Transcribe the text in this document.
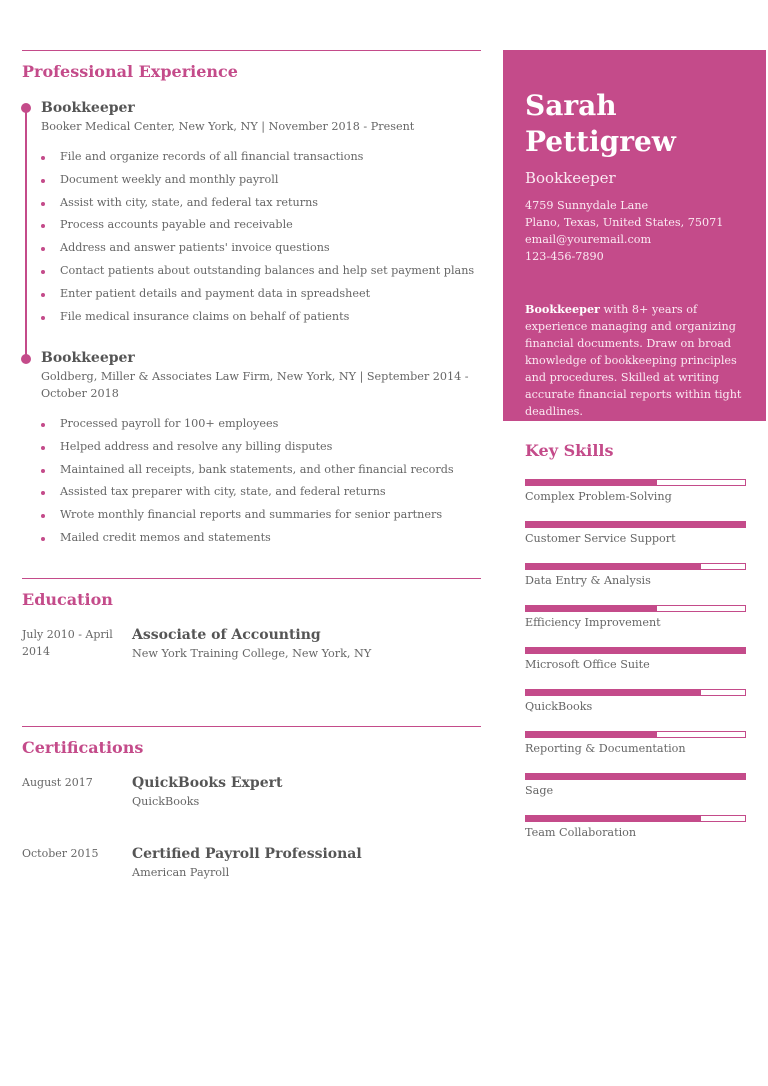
Professional Experience
Bookkeeper
Booker Medical Center, New York, NY | November 2018 - Present
File and organize records of all financial transactions
Document weekly and monthly payroll
Assist with city, state, and federal tax returns
Process accounts payable and receivable
Address and answer patients' invoice questions
Contact patients about outstanding balances and help set payment plans
Enter patient details and payment data in spreadsheet
File medical insurance claims on behalf of patients
Bookkeeper
Goldberg, Miller & Associates Law Firm, New York, NY | September 2014 - October 2018
Processed payroll for 100+ employees
Helped address and resolve any billing disputes
Maintained all receipts, bank statements, and other financial records
Assisted tax preparer with city, state, and federal returns
Wrote monthly financial reports and summaries for senior partners
Mailed credit memos and statements
Education
July 2010 - April 2014
Associate of Accounting
New York Training College, New York, NY
Certifications
August 2017	QuickBooks Expert
QuickBooks
October 2015	Certified Payroll Professional
American Payroll
Sarah
Pettigrew
Bookkeeper
4759 Sunnydale Lane
Plano, Texas, United States, 75071
email@youremail.com
123-456-7890
Bookkeeper with 8+ years of experience managing and organizing financial documents. Draw on broad knowledge of bookkeeping principles and procedures. Skilled at writing accurate financial reports within tight deadlines.
Key Skills
Complex Problem-Solving
Customer Service Support
Data Entry & Analysis
Efficiency Improvement
Microsoft Office Suite
QuickBooks
Reporting & Documentation
Sage
Team Collaboration
